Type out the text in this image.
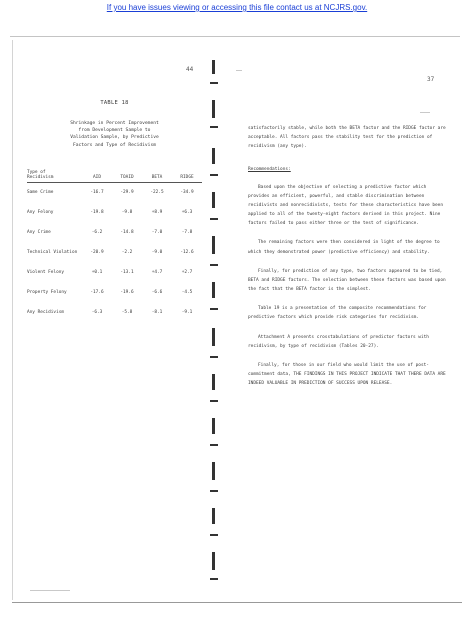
If you have issues viewing or accessing this file contact us at NCJRS.gov.
44
37
TABLE 18
Shrinkage in Percent Improvement
from Development Sample to
Validation Sample, by Predictive
Factors and Type of Recidivism
Type of
Recidivism	AID	TOAID	BETA	RIDGE
Same Crime	-16.7	-29.9	-22.5	-34.9
Any Felony	-19.8	-9.8	+8.9	+6.3
Any Crime	-6.2	-14.8	-7.0	-7.8
Technical Violation	-20.9	-2.2	-9.0	-12.6
Violent Felony	+0.1	-13.1	+4.7	+2.7
Property Felony	-17.6	-19.6	-6.6	-4.5
Any Recidivism	-6.3	-5.8	-8.1	-9.1

satisfactorily stable, while both the BETA factor and the RIDGE factor are acceptable. All factors pass the stability test for the prediction of recidivism (any type).

Recommendations:

Based upon the objective of selecting a predictive factor which provides an efficient, powerful, and stable discrimination between recidivists and nonrecidivists, tests for these characteristics have been applied to all of the twenty-eight factors derived in this project. Nine factors failed to pass either three or the test of significance.

The remaining factors were then considered in light of the degree to which they demonstrated power (predictive efficiency) and stability.

Finally, for prediction of any type, two factors appeared to be tied, BETA and RIDGE factors. The selection between these factors was based upon the fact that the BETA factor is the simplest.

Table 19 is a presentation of the composite recommendations for predictive factors which provide risk categories for recidivism.

Attachment A presents crosstabulations of predictor factors with recidivism, by type of recidivism (Tables 20-27).

Finally, for those in our field who would limit the use of post-commitment data, THE FINDINGS IN THIS PROJECT INDICATE THAT THERE DATA ARE INDEED VALUABLE IN PREDICTION OF SUCCESS UPON RELEASE.
